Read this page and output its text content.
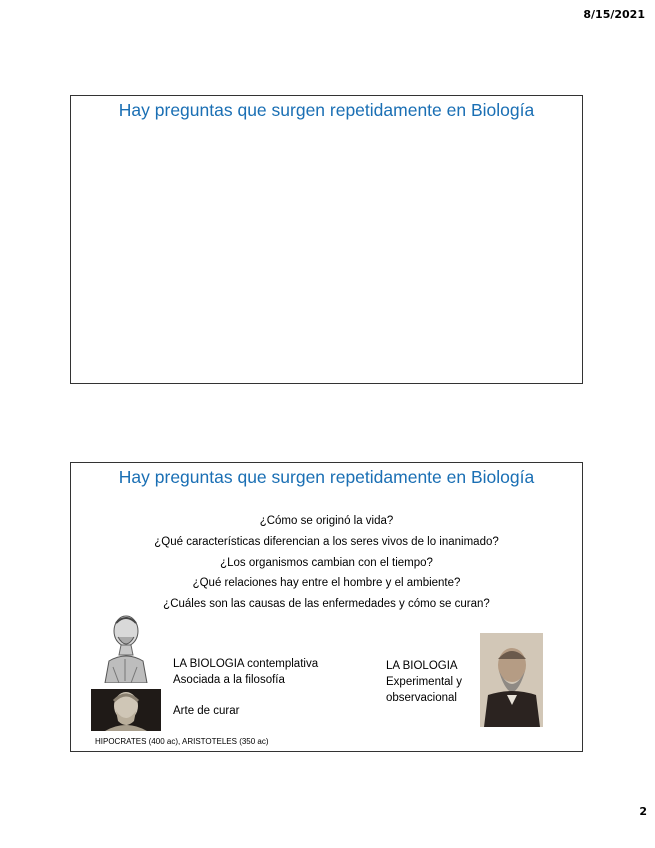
8/15/2021
Hay preguntas que surgen repetidamente en Biología
Hay preguntas que surgen repetidamente en Biología
¿Cómo se originó la vida?
¿Qué características diferencian a los seres vivos de lo inanimado?
¿Los organismos cambian con el tiempo?
¿Qué relaciones hay entre el hombre y el ambiente?
¿Cuáles son las causas de las enfermedades y cómo se curan?
LA BIOLOGIA contemplativa
Asociada a la filosofía
Arte de curar
LA BIOLOGIA
Experimental y
observacional
HIPOCRATES (400 ac), ARISTOTELES (350 ac)
2
